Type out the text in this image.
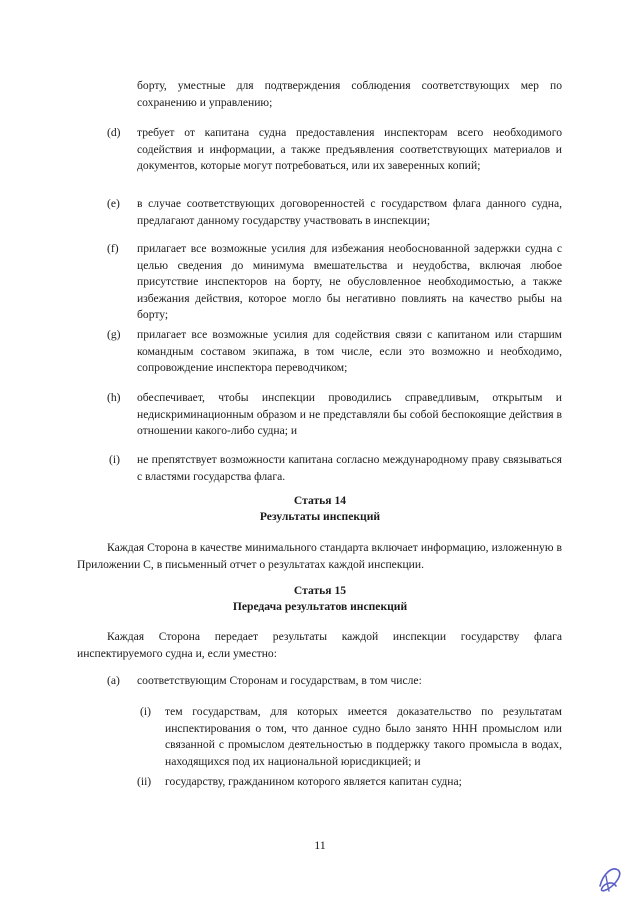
борту, уместные для подтверждения соблюдения соответствующих мер по сохранению и управлению;

(d) требует от капитана судна предоставления инспекторам всего необходимого содействия и информации, а также предъявления соответствующих материалов и документов, которые могут потребоваться, или их заверенных копий;

(e) в случае соответствующих договоренностей с государством флага данного судна, предлагают данному государству участвовать в инспекции;

(f) прилагает все возможные усилия для избежания необоснованной задержки судна с целью сведения до минимума вмешательства и неудобства, включая любое присутствие инспекторов на борту, не обусловленное необходимостью, а также избежания действия, которое могло бы негативно повлиять на качество рыбы на борту;

(g) прилагает все возможные усилия для содействия связи с капитаном или старшим командным составом экипажа, в том числе, если это возможно и необходимо, сопровождение инспектора переводчиком;

(h) обеспечивает, чтобы инспекции проводились справедливым, открытым и недискриминационным образом и не представляли бы собой беспокоящие действия в отношении какого-либо судна; и

(i) не препятствует возможности капитана согласно международному праву связываться с властями государства флага.

Статья 14
Результаты инспекций

Каждая Сторона в качестве минимального стандарта включает информацию, изложенную в Приложении С, в письменный отчет о результатах каждой инспекции.

Статья 15
Передача результатов инспекций

Каждая Сторона передает результаты каждой инспекции государству флага инспектируемого судна и, если уместно:

(a) соответствующим Сторонам и государствам, в том числе:

(i) тем государствам, для которых имеется доказательство по результатам инспектирования о том, что данное судно было занято ННН промыслом или связанной с промыслом деятельностью в поддержку такого промысла в водах, находящихся под их национальной юрисдикцией; и

(ii) государству, гражданином которого является капитан судна;

11
